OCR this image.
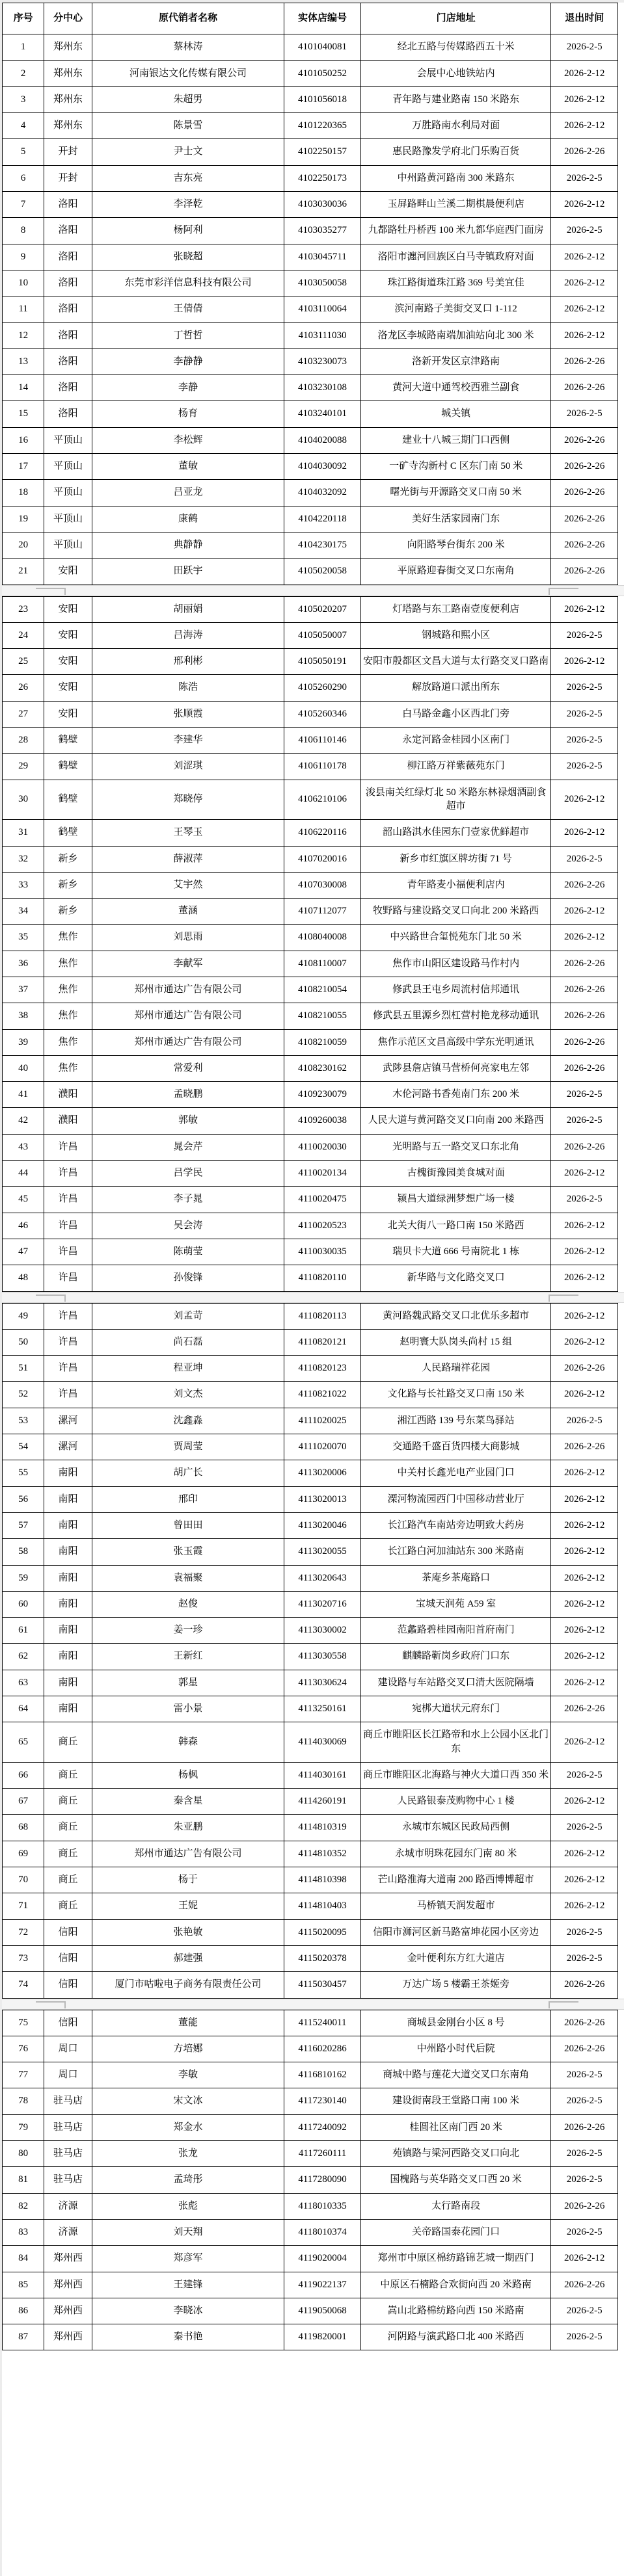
序号	分中心	原代销者名称	实体店编号	门店地址	退出时间
1	郑州东	蔡林涛	4101040081	经北五路与传媒路西五十米	2026-2-5
2	郑州东	河南银达文化传媒有限公司	4101050252	会展中心地铁站内	2026-2-12
3	郑州东	朱超男	4101056018	青年路与建业路南 150 米路东	2026-2-12
4	郑州东	陈景雪	4101220365	万胜路南水利局对面	2026-2-12
5	开封	尹士文	4102250157	惠民路豫发学府北门乐购百货	2026-2-26
6	开封	吉东亮	4102250173	中州路黄河路南 300 米路东	2026-2-5
7	洛阳	李泽乾	4103030036	玉屏路畔山兰溪二期棋晨便利店	2026-2-12
8	洛阳	杨阿利	4103035277	九都路牡丹桥西 100 米九都华庭西门面房	2026-2-5
9	洛阳	张晓超	4103045711	洛阳市瀍河回族区白马寺镇政府对面	2026-2-12
10	洛阳	东莞市彩洋信息科技有限公司	4103050058	珠江路街道珠江路 369 号美宜佳	2026-2-12
11	洛阳	王倩倩	4103110064	滨河南路子美街交叉口 1-112	2026-2-12
12	洛阳	丁哲哲	4103111030	洛龙区李城路南端加油站向北 300 米	2026-2-12
13	洛阳	李静静	4103230073	洛新开发区京津路南	2026-2-26
14	洛阳	李静	4103230108	黄河大道中通驾校西雅兰副食	2026-2-26
15	洛阳	杨育	4103240101	城关镇	2026-2-5
16	平顶山	李松辉	4104020088	建业十八城三期门口西侧	2026-2-26
17	平顶山	董敏	4104030092	一矿寺沟新村 C 区东门南 50 米	2026-2-26
18	平顶山	吕亚龙	4104032092	曙光街与开源路交叉口南 50 米	2026-2-26
19	平顶山	康鹤	4104220118	美好生活家园南门东	2026-2-26
20	平顶山	典静静	4104230175	向阳路琴台街东 200 米	2026-2-26
21	安阳	田跃宇	4105020058	平原路迎春街交叉口东南角	2026-2-26
23	安阳	胡丽娟	4105020207	灯塔路与东工路南壹度便利店	2026-2-12
24	安阳	吕海涛	4105050007	钢城路和熙小区	2026-2-5
25	安阳	邢利彬	4105050191	安阳市殷都区文昌大道与太行路交叉口路南	2026-2-12
26	安阳	陈浩	4105260290	解放路道口派出所东	2026-2-5
27	安阳	张顺霞	4105260346	白马路金鑫小区西北门旁	2026-2-5
28	鹤壁	李建华	4106110146	永定河路金桂园小区南门	2026-2-5
29	鹤壁	刘涩琪	4106110178	柳江路万祥紫薇苑东门	2026-2-5
30	鹤壁	郑晓停	4106210106	浚县南关红绿灯北 50 米路东林禄烟酒副食超市	2026-2-12
31	鹤壁	王琴玉	4106220116	韶山路淇水佳园东门壹家优鲜超市	2026-2-12
32	新乡	薛淑萍	4107020016	新乡市红旗区牌坊街 71 号	2026-2-5
33	新乡	艾宇然	4107030008	青年路麦小福便利店内	2026-2-26
34	新乡	董涵	4107112077	牧野路与建设路交叉口向北 200 米路西	2026-2-12
35	焦作	刘思雨	4108040008	中兴路世合玺悦苑东门北 50 米	2026-2-12
36	焦作	李献军	4108110007	焦作市山阳区建设路马作村内	2026-2-26
37	焦作	郑州市通达广告有限公司	4108210054	修武县王屯乡周流村信邦通讯	2026-2-26
38	焦作	郑州市通达广告有限公司	4108210055	修武县五里源乡烈杠营村艳龙移动通讯	2026-2-26
39	焦作	郑州市通达广告有限公司	4108210059	焦作示范区文昌高级中学东光明通讯	2026-2-26
40	焦作	常爱利	4108230162	武陟县詹店镇马营桥何亮家电左邻	2026-2-26
41	濮阳	孟晓鹏	4109230079	木伦河路书香苑南门东 200 米	2026-2-5
42	濮阳	郭敏	4109260038	人民大道与黄河路交叉口向南 200 米路西	2026-2-5
43	许昌	晁会芹	4110020030	光明路与五一路交叉口东北角	2026-2-26
44	许昌	吕学民	4110020134	古槐街豫园美食城对面	2026-2-12
45	许昌	李子晁	4110020475	颍昌大道绿洲梦想广场一楼	2026-2-5
46	许昌	吴会涛	4110020523	北关大街八一路口南 150 米路西	2026-2-12
47	许昌	陈萌莹	4110030035	瑞贝卡大道 666 号南院北 1 栋	2026-2-12
48	许昌	孙俊锋	4110820110	新华路与文化路交叉口	2026-2-12
49	许昌	刘孟苛	4110820113	黄河路魏武路交叉口北优乐多超市	2026-2-12
50	许昌	尚石磊	4110820121	赵明寰大队岗头尚村 15 组	2026-2-12
51	许昌	程亚坤	4110820123	人民路瑞祥花园	2026-2-26
52	许昌	刘文杰	4110821022	文化路与长社路交叉口南 150 米	2026-2-12
53	漯河	沈鑫淼	4111020025	湘江西路 139 号东菜鸟驿站	2026-2-5
54	漯河	贾周莹	4111020070	交通路千盛百货四楼大商影城	2026-2-26
55	南阳	胡广长	4113020006	中关村长鑫光电产业园门口	2026-2-12
56	南阳	邢印	4113020013	溧河物流园西门中国移动营业厅	2026-2-12
57	南阳	曾田田	4113020046	长江路汽车南站旁边明致大药房	2026-2-12
58	南阳	张玉霞	4113020055	长江路白河加油站东 300 米路南	2026-2-12
59	南阳	袁福聚	4113020643	茶庵乡茶庵路口	2026-2-12
60	南阳	赵俊	4113020716	宝城天润苑 A59 室	2026-2-12
61	南阳	姜一珍	4113030002	范蠡路碧桂园南阳首府南门	2026-2-12
62	南阳	王新红	4113030558	麒麟路靳岗乡政府门口东	2026-2-12
63	南阳	郭星	4113030624	建设路与车站路交叉口清大医院隔墙	2026-2-12
64	南阳	雷小景	4113250161	宛梆大道状元府东门	2026-2-26
65	商丘	韩森	4114030069	商丘市睢阳区长江路帝和水上公园小区北门东	2026-2-12
66	商丘	杨枫	4114030161	商丘市睢阳区北海路与神火大道口西 350 米	2026-2-5
67	商丘	秦含星	4114260191	人民路银泰茂购物中心 1 楼	2026-2-12
68	商丘	朱亚鹏	4114810319	永城市东城区民政局西侧	2026-2-5
69	商丘	郑州市通达广告有限公司	4114810352	永城市明珠花园东门南 80 米	2026-2-12
70	商丘	杨于	4114810398	芒山路淮海大道南 200 路西博博超市	2026-2-12
71	商丘	王妮	4114810403	马桥镇天润发超市	2026-2-12
72	信阳	张艳敏	4115020095	信阳市浉河区新马路富坤花园小区旁边	2026-2-5
73	信阳	郝建强	4115020378	金叶便利东方红大道店	2026-2-5
74	信阳	厦门市咕啦电子商务有限责任公司	4115030457	万达广场 5 楼霸王茶姬旁	2026-2-26
75	信阳	董能	4115240011	商城县金刚台小区 8 号	2026-2-26
76	周口	方培娜	4116020286	中州路小时代后院	2026-2-26
77	周口	李敏	4116810162	商城中路与莲花大道交叉口东南角	2026-2-5
78	驻马店	宋文冰	4117230140	建设街南段王堂路口南 100 米	2026-2-5
79	驻马店	郑金水	4117240092	桂圆社区南门西 20 米	2026-2-26
80	驻马店	张龙	4117260111	苑镇路与梁河西路交叉口向北	2026-2-5
81	驻马店	孟琦彤	4117280090	国槐路与英华路交叉口西 20 米	2026-2-5
82	济源	张彪	4118010335	太行路南段	2026-2-26
83	济源	刘天翔	4118010374	关帝路国泰花园门口	2026-2-5
84	郑州西	郑彦军	4119020004	郑州市中原区棉纺路锦艺城一期西门	2026-2-12
85	郑州西	王建锋	4119022137	中原区石楠路合欢街向西 20 米路南	2026-2-26
86	郑州西	李晓冰	4119050068	嵩山北路棉纺路向西 150 米路南	2026-2-5
87	郑州西	秦书艳	4119820001	河阴路与演武路口北 400 米路西	2026-2-5
